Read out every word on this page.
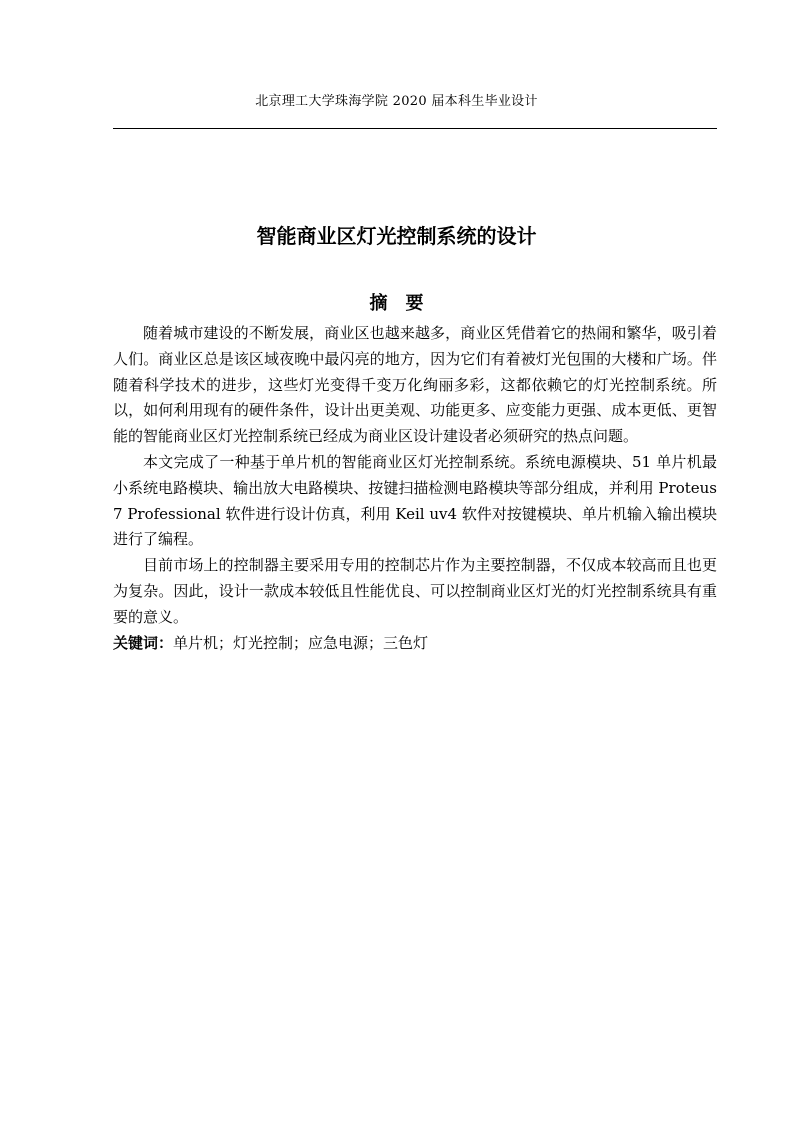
北京理工大学珠海学院 2020 届本科生毕业设计
智能商业区灯光控制系统的设计
摘要

随着城市建设的不断发展，商业区也越来越多，商业区凭借着它的热闹和繁华，吸引着人们。商业区总是该区域夜晚中最闪亮的地方，因为它们有着被灯光包围的大楼和广场。伴随着科学技术的进步，这些灯光变得千变万化绚丽多彩，这都依赖它的灯光控制系统。所以，如何利用现有的硬件条件，设计出更美观、功能更多、应变能力更强、成本更低、更智能的智能商业区灯光控制系统已经成为商业区设计建设者必须研究的热点问题。

本文完成了一种基于单片机的智能商业区灯光控制系统。系统电源模块、51 单片机最小系统电路模块、输出放大电路模块、按键扫描检测电路模块等部分组成，并利用 Proteus 7 Professional 软件进行设计仿真，利用 Keil uv4 软件对按键模块、单片机输入输出模块进行了编程。

目前市场上的控制器主要采用专用的控制芯片作为主要控制器，不仅成本较高而且也更为复杂。因此，设计一款成本较低且性能优良、可以控制商业区灯光的灯光控制系统具有重要的意义。

关键词：单片机；灯光控制；应急电源；三色灯
